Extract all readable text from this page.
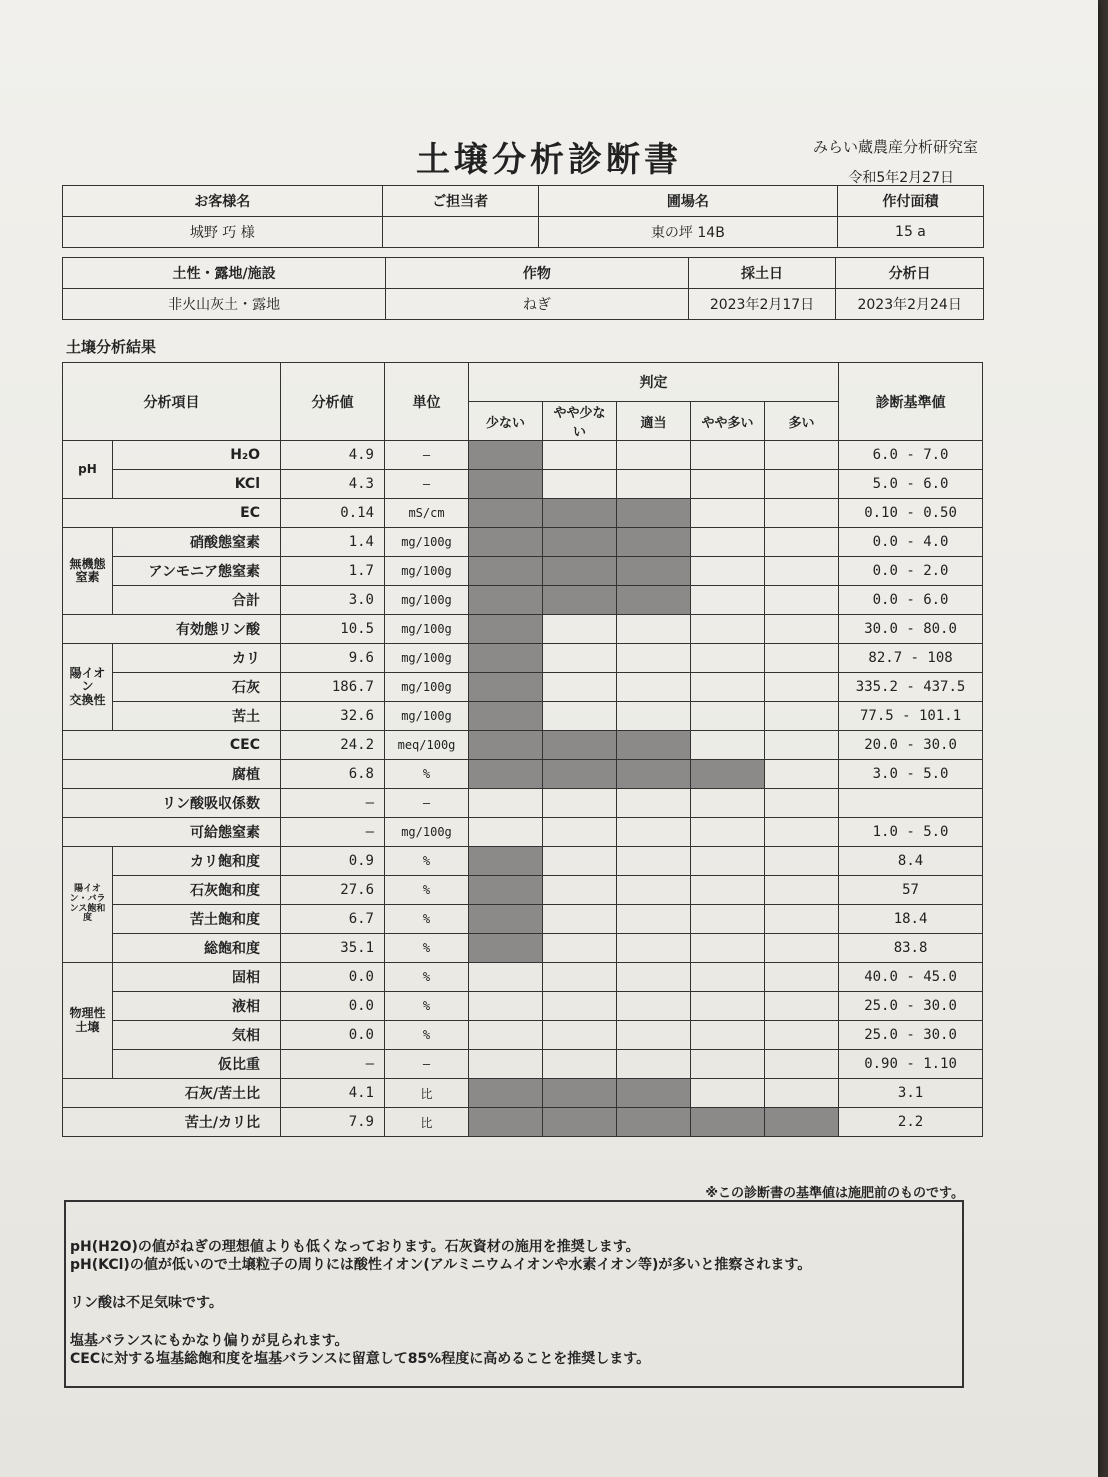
土壌分析診断書	みらい蔵農産分析研究室
令和5年2月27日
お客様名	ご担当者	圃場名	作付面積
城野 巧 様		東の坪 14B	15 a
土性・露地/施設	作物	採土日	分析日
非火山灰土・露地	ねぎ	2023年2月17日	2023年2月24日
土壌分析結果
分析項目		分析値	単位	判定					診断基準値
				少ない	やや少ない	適当	やや多い	多い	
pH	H₂O	4.9	—						6.0 - 7.0
	KCl	4.3	—						5.0 - 6.0
EC		0.14	mS/cm						0.10 - 0.50
無機態
窒素	硝酸態窒素	1.4	mg/100g						0.0 - 4.0
	アンモニア態窒素	1.7	mg/100g						0.0 - 2.0
	合計	3.0	mg/100g						0.0 - 6.0
有効態リン酸		10.5	mg/100g						30.0 - 80.0
陽イオン
交換性	カリ	9.6	mg/100g						82.7 - 108
	石灰	186.7	mg/100g						335.2 - 437.5
	苦土	32.6	mg/100g						77.5 - 101.1
CEC		24.2	meq/100g						20.0 - 30.0
腐植		6.8	%						3.0 - 5.0
リン酸吸収係数		—	—						
可給態窒素		—	mg/100g						1.0 - 5.0
陽イオン・バランス飽和度	カリ飽和度	0.9	%						8.4
	石灰飽和度	27.6	%						57
	苦土飽和度	6.7	%						18.4
	総飽和度	35.1	%						83.8
物理性
土壌	固相	0.0	%						40.0 - 45.0
	液相	0.0	%						25.0 - 30.0
	気相	0.0	%						25.0 - 30.0
	仮比重	—	—						0.90 - 1.10
石灰/苦土比		4.1	比						3.1
苦土/カリ比		7.9	比						2.2
※この診断書の基準値は施肥前のものです。

pH(H2O)の値がねぎの理想値よりも低くなっております。石灰資材の施用を推奨します。

pH(KCl)の値が低いので土壌粒子の周りには酸性イオン(アルミニウムイオンや水素イオン等)が多いと推察されます。

リン酸は不足気味です。

塩基バランスにもかなり偏りが見られます。

CECに対する塩基総飽和度を塩基バランスに留意して85%程度に高めることを推奨します。
